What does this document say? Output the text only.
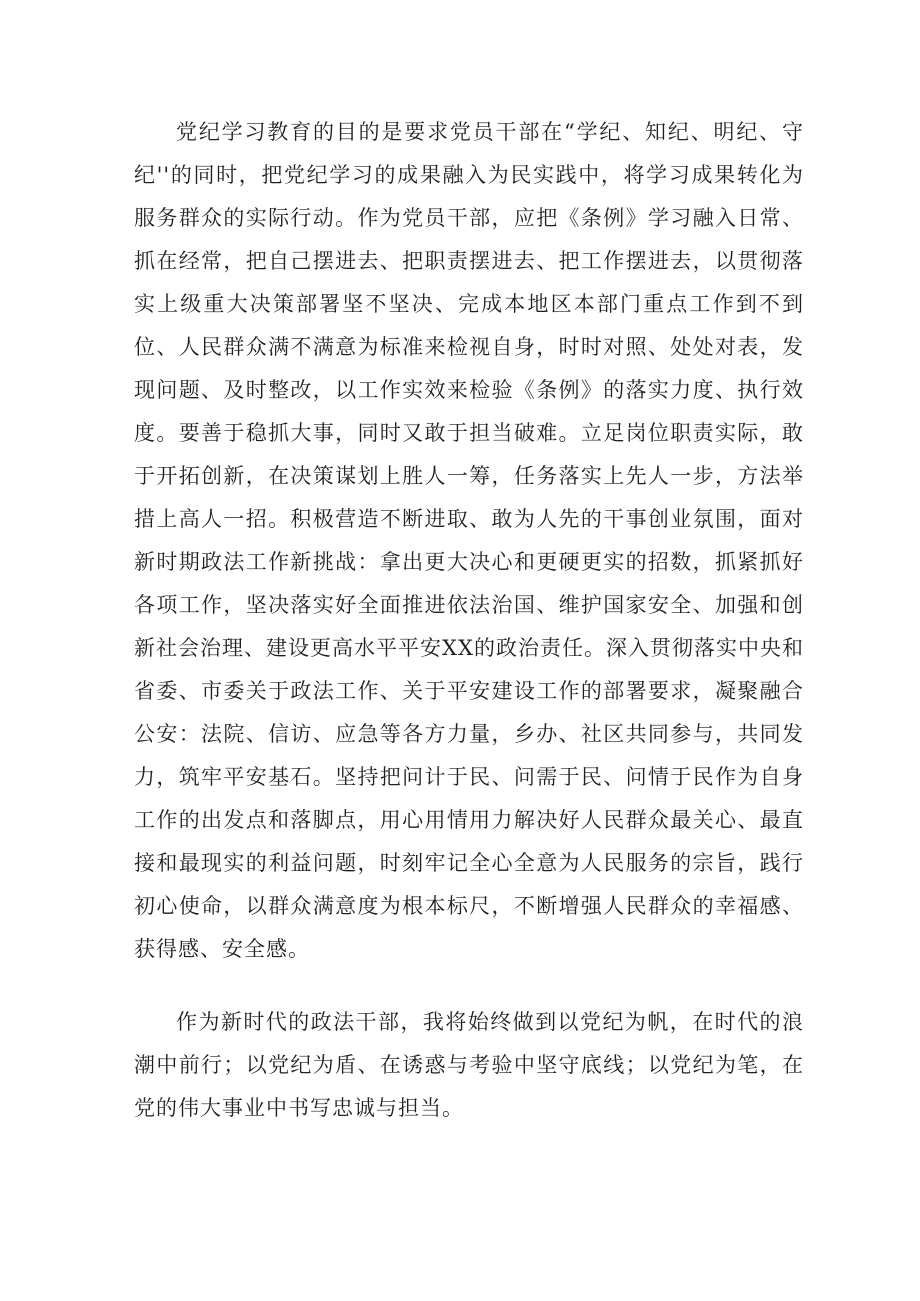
党纪学习教育的目的是要求党员干部在“学纪、知纪、明纪、守纪''的同时，把党纪学习的成果融入为民实践中，将学习成果转化为服务群众的实际行动。作为党员干部，应把《条例》学习融入日常、抓在经常，把自己摆进去、把职责摆进去、把工作摆进去，以贯彻落实上级重大决策部署坚不坚决、完成本地区本部门重点工作到不到位、人民群众满不满意为标准来检视自身，时时对照、处处对表，发现问题、及时整改，以工作实效来检验《条例》的落实力度、执行效度。要善于稳抓大事，同时又敢于担当破难。立足岗位职责实际，敢于开拓创新，在决策谋划上胜人一筹，任务落实上先人一步，方法举措上高人一招。积极营造不断进取、敢为人先的干事创业氛围，面对新时期政法工作新挑战：拿出更大决心和更硬更实的招数，抓紧抓好各项工作，坚决落实好全面推进依法治国、维护国家安全、加强和创新社会治理、建设更高水平平安XX的政治责任。深入贯彻落实中央和省委、市委关于政法工作、关于平安建设工作的部署要求，凝聚融合公安：法院、信访、应急等各方力量，乡办、社区共同参与，共同发力，筑牢平安基石。坚持把问计于民、问需于民、问情于民作为自身工作的出发点和落脚点，用心用情用力解决好人民群众最关心、最直接和最现实的利益问题，时刻牢记全心全意为人民服务的宗旨，践行初心使命，以群众满意度为根本标尺，不断增强人民群众的幸福感、获得感、安全感。

作为新时代的政法干部，我将始终做到以党纪为帆，在时代的浪潮中前行；以党纪为盾、在诱惑与考验中坚守底线；以党纪为笔，在党的伟大事业中书写忠诚与担当。
